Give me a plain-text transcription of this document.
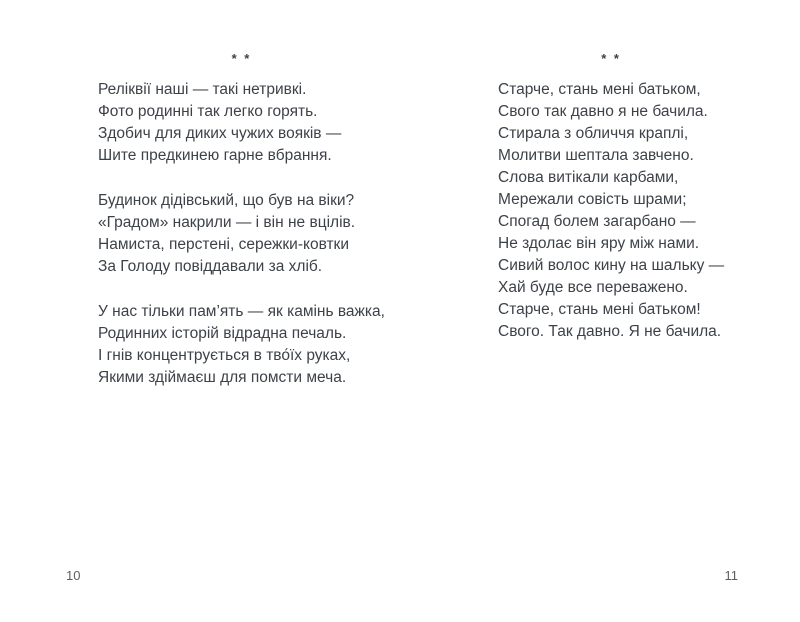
* *
Реліквії наші — такі нетривкі.
Фото родинні так легко горять.
Здобич для диких чужих вояків —
Шите предкинею гарне вбрання.
Будинок дідівський, що був на віки?
«Градом» накрили — і він не вцілів.
Намиста, перстені, сережки-ковтки
За Голоду повіддавали за хліб.
У нас тільки пам’ять — як камінь важка,
Родинних історій відрадна печаль.
І гнів концентрується в тво́їх руках,
Якими здіймаєш для помсти меча.
10
* *
Старче, стань мені батьком,
Свого так давно я не бачила.
Стирала з обличчя краплі,
Молитви шептала завчено.
Слова витікали карбами,
Мережали совість шрами;
Спогад болем загарбано —
Не здолає він яру між нами.
Сивий волос кину на шальку —
Хай буде все переважено.
Старче, стань мені батьком!
Свого. Так давно. Я не бачила.
11
